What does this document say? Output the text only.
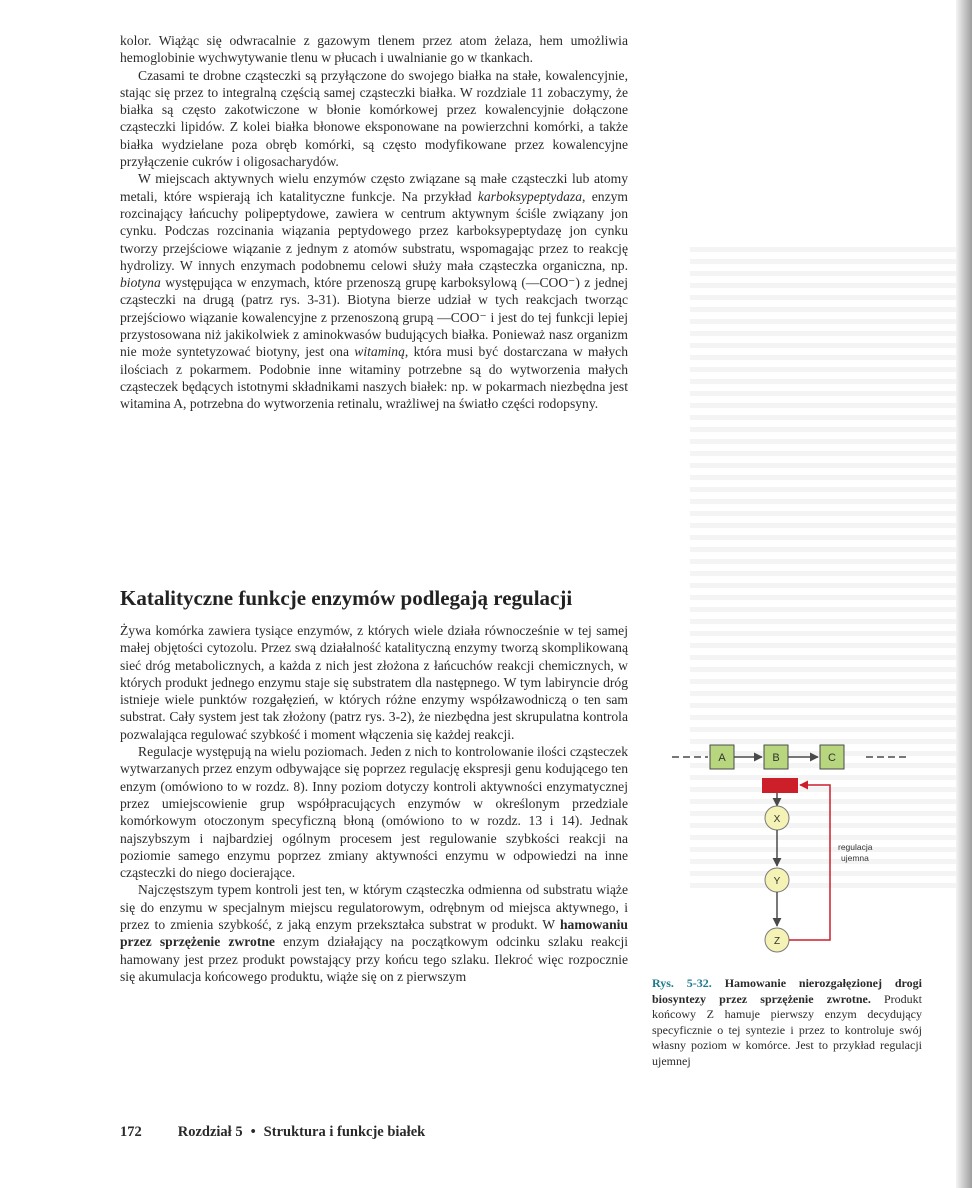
kolor. Wiążąc się odwracalnie z gazowym tlenem przez atom żelaza, hem umożliwia hemoglobinie wychwytywanie tlenu w płucach i uwalnianie go w tkankach.

Czasami te drobne cząsteczki są przyłączone do swojego białka na stałe, kowalencyjnie, stając się przez to integralną częścią samej cząsteczki białka. W rozdziale 11 zobaczymy, że białka są często zakotwiczone w błonie komórkowej przez kowalencyjnie dołączone cząsteczki lipidów. Z kolei białka błonowe eksponowane na powierzchni komórki, a także białka wydzielane poza obręb komórki, są często modyfikowane przez kowalencyjne przyłączenie cukrów i oligosacharydów.

W miejscach aktywnych wielu enzymów często związane są małe cząsteczki lub atomy metali, które wspierają ich katalityczne funkcje. Na przykład karboksypeptydaza, enzym rozcinający łańcuchy polipeptydowe, zawiera w centrum aktywnym ściśle związany jon cynku. Podczas rozcinania wiązania peptydowego przez karboksypeptydazę jon cynku tworzy przejściowe wiązanie z jednym z atomów substratu, wspomagając przez to reakcję hydrolizy. W innych enzymach podobnemu celowi służy mała cząsteczka organiczna, np. biotyna występująca w enzymach, które przenoszą grupę karboksylową (—COO⁻) z jednej cząsteczki na drugą (patrz rys. 3-31). Biotyna bierze udział w tych reakcjach tworząc przejściowo wiązanie kowalencyjne z przenoszoną grupą —COO⁻ i jest do tej funkcji lepiej przystosowana niż jakikolwiek z aminokwasów budujących białka. Ponieważ nasz organizm nie może syntetyzować biotyny, jest ona witaminą, która musi być dostarczana w małych ilościach z pokarmem. Podobnie inne witaminy potrzebne są do wytworzenia małych cząsteczek będących istotnymi składnikami naszych białek: np. w pokarmach niezbędna jest witamina A, potrzebna do wytworzenia retinalu, wrażliwej na światło części rodopsyny.

Katalityczne funkcje enzymów podlegają regulacji

Żywa komórka zawiera tysiące enzymów, z których wiele działa równocześnie w tej samej małej objętości cytozolu. Przez swą działalność katalityczną enzymy tworzą skomplikowaną sieć dróg metabolicznych, a każda z nich jest złożona z łańcuchów reakcji chemicznych, w których produkt jednego enzymu staje się substratem dla następnego. W tym labiryncie dróg istnieje wiele punktów rozgałęzień, w których różne enzymy współzawodniczą o ten sam substrat. Cały system jest tak złożony (patrz rys. 3-2), że niezbędna jest skrupulatna kontrola pozwalająca regulować szybkość i moment włączenia się każdej reakcji.

Regulacje występują na wielu poziomach. Jeden z nich to kontrolowanie ilości cząsteczek wytwarzanych przez enzym odbywające się poprzez regulację ekspresji genu kodującego ten enzym (omówiono to w rozdz. 8). Inny poziom dotyczy kontroli aktywności enzymatycznej przez umiejscowienie grup współpracujących enzymów w określonym przedziale komórkowym otoczonym specyficzną błoną (omówiono to w rozdz. 13 i 14). Jednak najszybszym i najbardziej ogólnym procesem jest regulowanie szybkości reakcji na poziomie samego enzymu poprzez zmiany aktywności enzymu w odpowiedzi na inne cząsteczki do niego docierające.

Najczęstszym typem kontroli jest ten, w którym cząsteczka odmienna od substratu wiąże się do enzymu w specjalnym miejscu regulatorowym, odrębnym od miejsca aktywnego, i przez to zmienia szybkość, z jaką enzym przekształca substrat w produkt. W hamowaniu przez sprzężenie zwrotne enzym działający na początkowym odcinku szlaku reakcji hamowany jest przez produkt powstający przy końcu tego szlaku. Ilekroć więc rozpocznie się akumulacja końcowego produktu, wiąże się on z pierwszym

A	B	C
X
Y
Z
regulacja
ujemna
Rys. 5-32. Hamowanie nierozgałęzionej drogi biosyntezy przez sprzężenie zwrotne. Produkt końcowy Z hamuje pierwszy enzym decydujący specyficznie o tej syntezie i przez to kontroluje swój własny poziom w komórce. Jest to przykład regulacji ujemnej
172 Rozdział 5 • Struktura i funkcje białek
